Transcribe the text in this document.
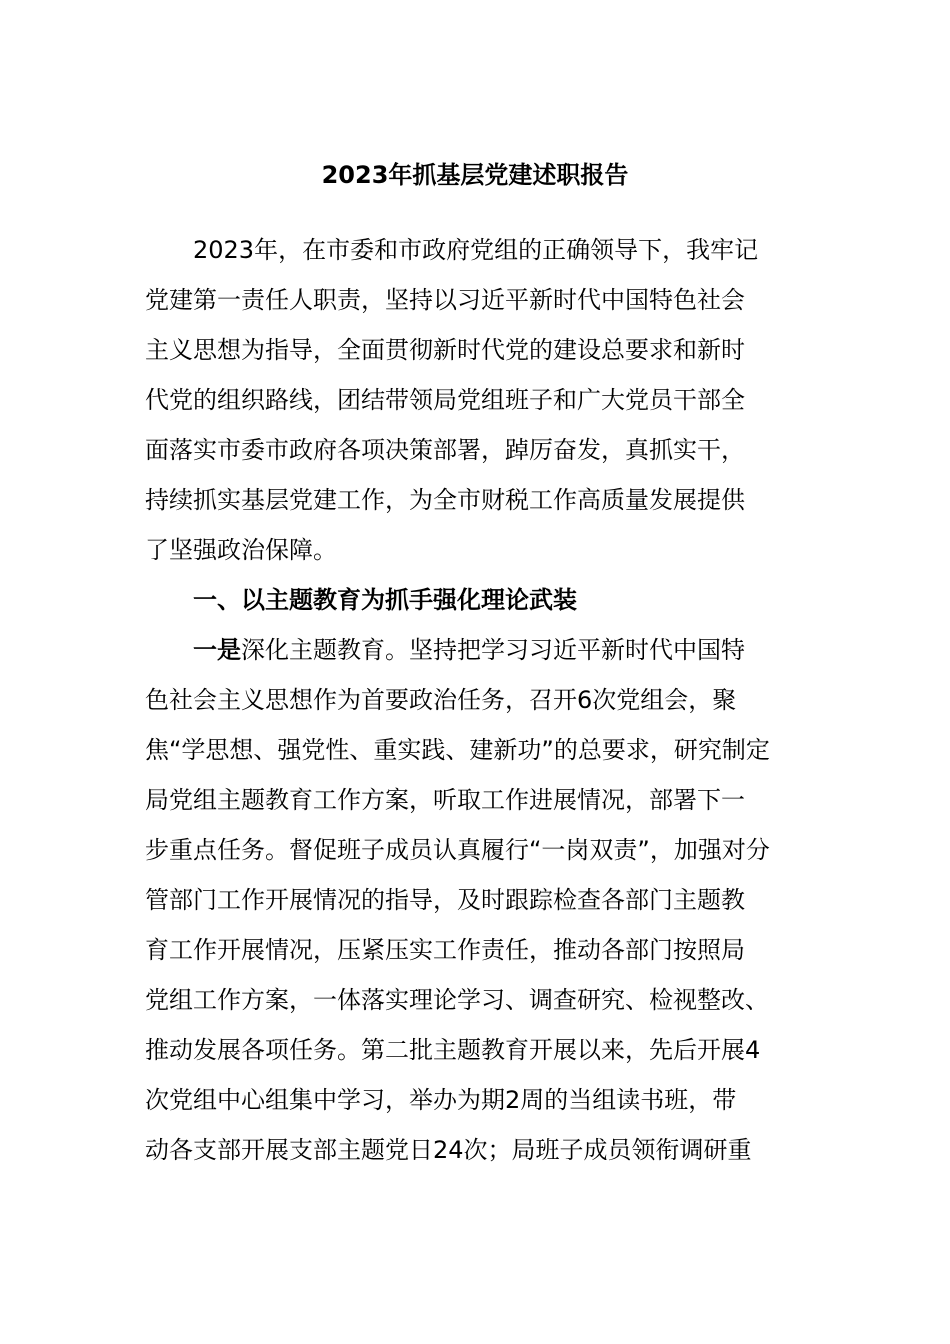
2023年抓基层党建述职报告
2023年，在市委和市政府党组的正确领导下，我牢记
党建第一责任人职责，坚持以习近平新时代中国特色社会
主义思想为指导，全面贯彻新时代党的建设总要求和新时
代党的组织路线，团结带领局党组班子和广大党员干部全
面落实市委市政府各项决策部署，踔厉奋发，真抓实干，
持续抓实基层党建工作，为全市财税工作高质量发展提供
了坚强政治保障。
一、以主题教育为抓手强化理论武装
一是深化主题教育。坚持把学习习近平新时代中国特
色社会主义思想作为首要政治任务，召开6次党组会，聚
焦“学思想、强党性、重实践、建新功”的总要求，研究制定
局党组主题教育工作方案，听取工作进展情况，部署下一
步重点任务。督促班子成员认真履行“一岗双责”，加强对分
管部门工作开展情况的指导，及时跟踪检查各部门主题教
育工作开展情况，压紧压实工作责任，推动各部门按照局
党组工作方案，一体落实理论学习、调查研究、检视整改、
推动发展各项任务。第二批主题教育开展以来，先后开展4
次党组中心组集中学习，举办为期2周的当组读书班，带
动各支部开展支部主题党日24次；局班子成员领衔调研重
